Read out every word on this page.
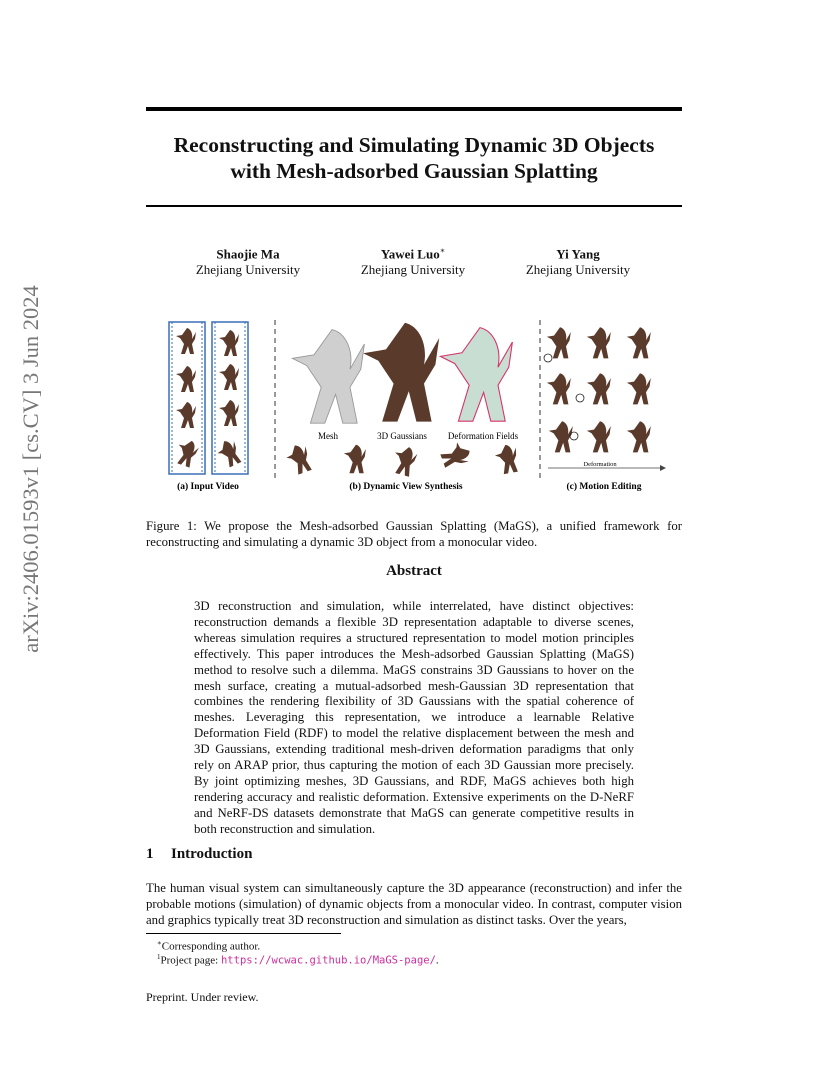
arXiv:2406.01593v1 [cs.CV] 3 Jun 2024
Reconstructing and Simulating Dynamic 3D Objects
with Mesh-adsorbed Gaussian Splatting
Shaojie Ma
Zhejiang University
Yawei Luo∗
Zhejiang University
Yi Yang
Zhejiang University
Mesh	3D Gaussians Deformation Fields
Deformation
(a) Input Video	(b) Dynamic View Synthesis	(c) Motion Editing
Figure 1: We propose the Mesh-adsorbed Gaussian Splatting (MaGS), a unified framework for reconstructing and simulating a dynamic 3D object from a monocular video.
Abstract
3D reconstruction and simulation, while interrelated, have distinct objectives: reconstruction demands a flexible 3D representation adaptable to diverse scenes, whereas simulation requires a structured representation to model motion principles effectively. This paper introduces the Mesh-adsorbed Gaussian Splatting (MaGS) method to resolve such a dilemma. MaGS constrains 3D Gaussians to hover on the mesh surface, creating a mutual-adsorbed mesh-Gaussian 3D representation that combines the rendering flexibility of 3D Gaussians with the spatial coherence of meshes. Leveraging this representation, we introduce a learnable Relative Deformation Field (RDF) to model the relative displacement between the mesh and 3D Gaussians, extending traditional mesh-driven deformation paradigms that only rely on ARAP prior, thus capturing the motion of each 3D Gaussian more precisely. By joint optimizing meshes, 3D Gaussians, and RDF, MaGS achieves both high rendering accuracy and realistic deformation. Extensive experiments on the D-NeRF and NeRF-DS datasets demonstrate that MaGS can generate competitive results in both reconstruction and simulation.
1 Introduction
The human visual system can simultaneously capture the 3D appearance (reconstruction) and infer the probable motions (simulation) of dynamic objects from a monocular video. In contrast, computer vision and graphics typically treat 3D reconstruction and simulation as distinct tasks. Over the years,
∗Corresponding author.
$^1$Project page: https://wcwac.github.io/MaGS-page/.
Preprint. Under review.
